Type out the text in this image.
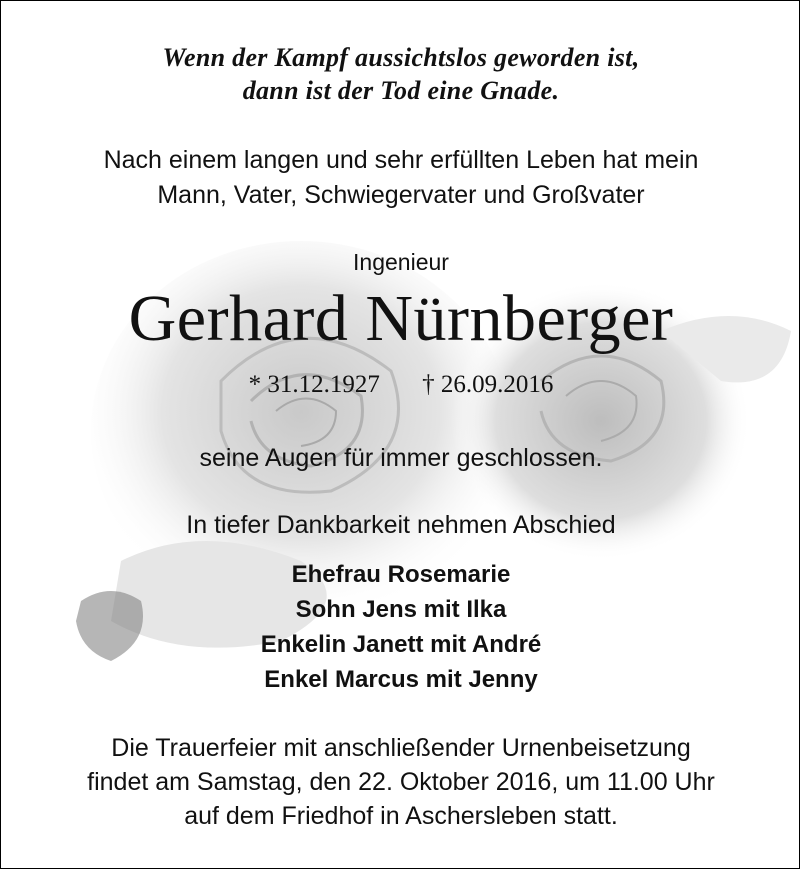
Wenn der Kampf aussichtslos geworden ist,
dann ist der Tod eine Gnade.
Nach einem langen und sehr erfüllten Leben hat mein
Mann, Vater, Schwiegervater und Großvater
Ingenieur
Gerhard Nürnberger
* 31.12.1927 † 26.09.2016
seine Augen für immer geschlossen.
In tiefer Dankbarkeit nehmen Abschied
Ehefrau Rosemarie
Sohn Jens mit Ilka
Enkelin Janett mit André
Enkel Marcus mit Jenny
Die Trauerfeier mit anschließender Urnenbeisetzung
findet am Samstag, den 22. Oktober 2016, um 11.00 Uhr
auf dem Friedhof in Aschersleben statt.
